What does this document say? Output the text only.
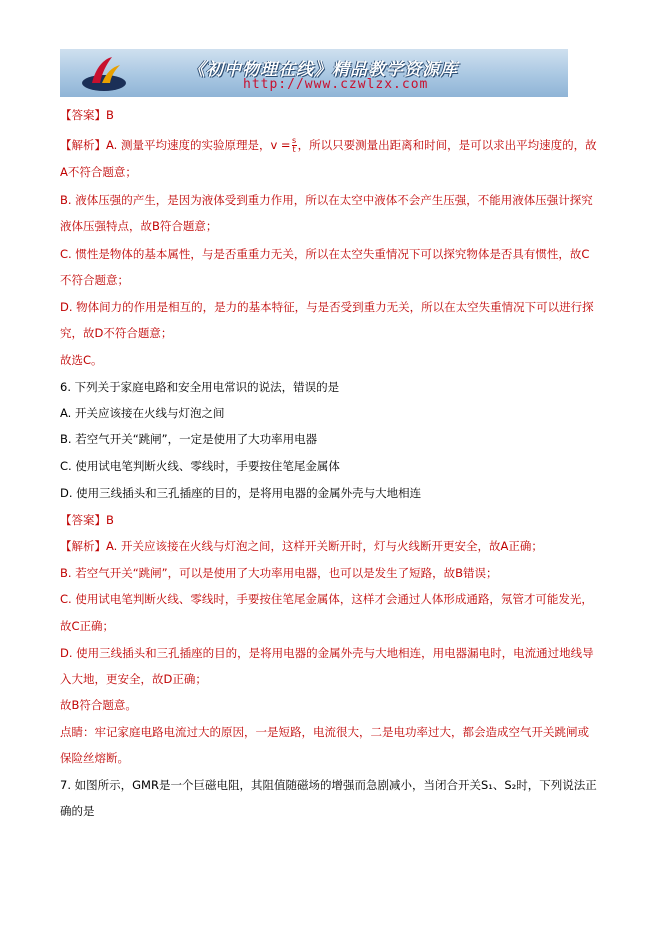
《初中物理在线》精品教学资源库
http://www.czwlzx.com
【答案】B
【解析】A. 测量平均速度的实验原理是，$v = \frac{s}{t}$ ，所以只要测量出距离和时间，是可以求出平均速度的，故
A不符合题意；
B. 液体压强的产生，是因为液体受到重力作用，所以在太空中液体不会产生压强，不能用液体压强计探究
液体压强特点，故B符合题意；
C. 惯性是物体的基本属性，与是否重重力无关，所以在太空失重情况下可以探究物体是否具有惯性，故C
不符合题意；
D. 物体间力的作用是相互的，是力的基本特征，与是否受到重力无关，所以在太空失重情况下可以进行探
究，故D不符合题意；
故选C。
6. 下列关于家庭电路和安全用电常识的说法，错误的是
A. 开关应该接在火线与灯泡之间
B. 若空气开关“跳闸”，一定是使用了大功率用电器
C. 使用试电笔判断火线、零线时，手要按住笔尾金属体
D. 使用三线插头和三孔插座的目的，是将用电器的金属外壳与大地相连
【答案】B
【解析】A. 开关应该接在火线与灯泡之间，这样开关断开时，灯与火线断开更安全，故A正确；
B. 若空气开关“跳闸”，可以是使用了大功率用电器，也可以是发生了短路，故B错误；
C. 使用试电笔判断火线、零线时，手要按住笔尾金属体，这样才会通过人体形成通路，氖管才可能发光，
故C正确；
D. 使用三线插头和三孔插座的目的，是将用电器的金属外壳与大地相连，用电器漏电时，电流通过地线导
入大地，更安全，故D正确；
故B符合题意。
点睛：牢记家庭电路电流过大的原因，一是短路，电流很大，二是电功率过大，都会造成空气开关跳闸或
保险丝熔断。
7. 如图所示，GMR是一个巨磁电阻，其阻值随磁场的增强而急剧减小，当闭合开关S₁、S₂时，下列说法正
确的是
